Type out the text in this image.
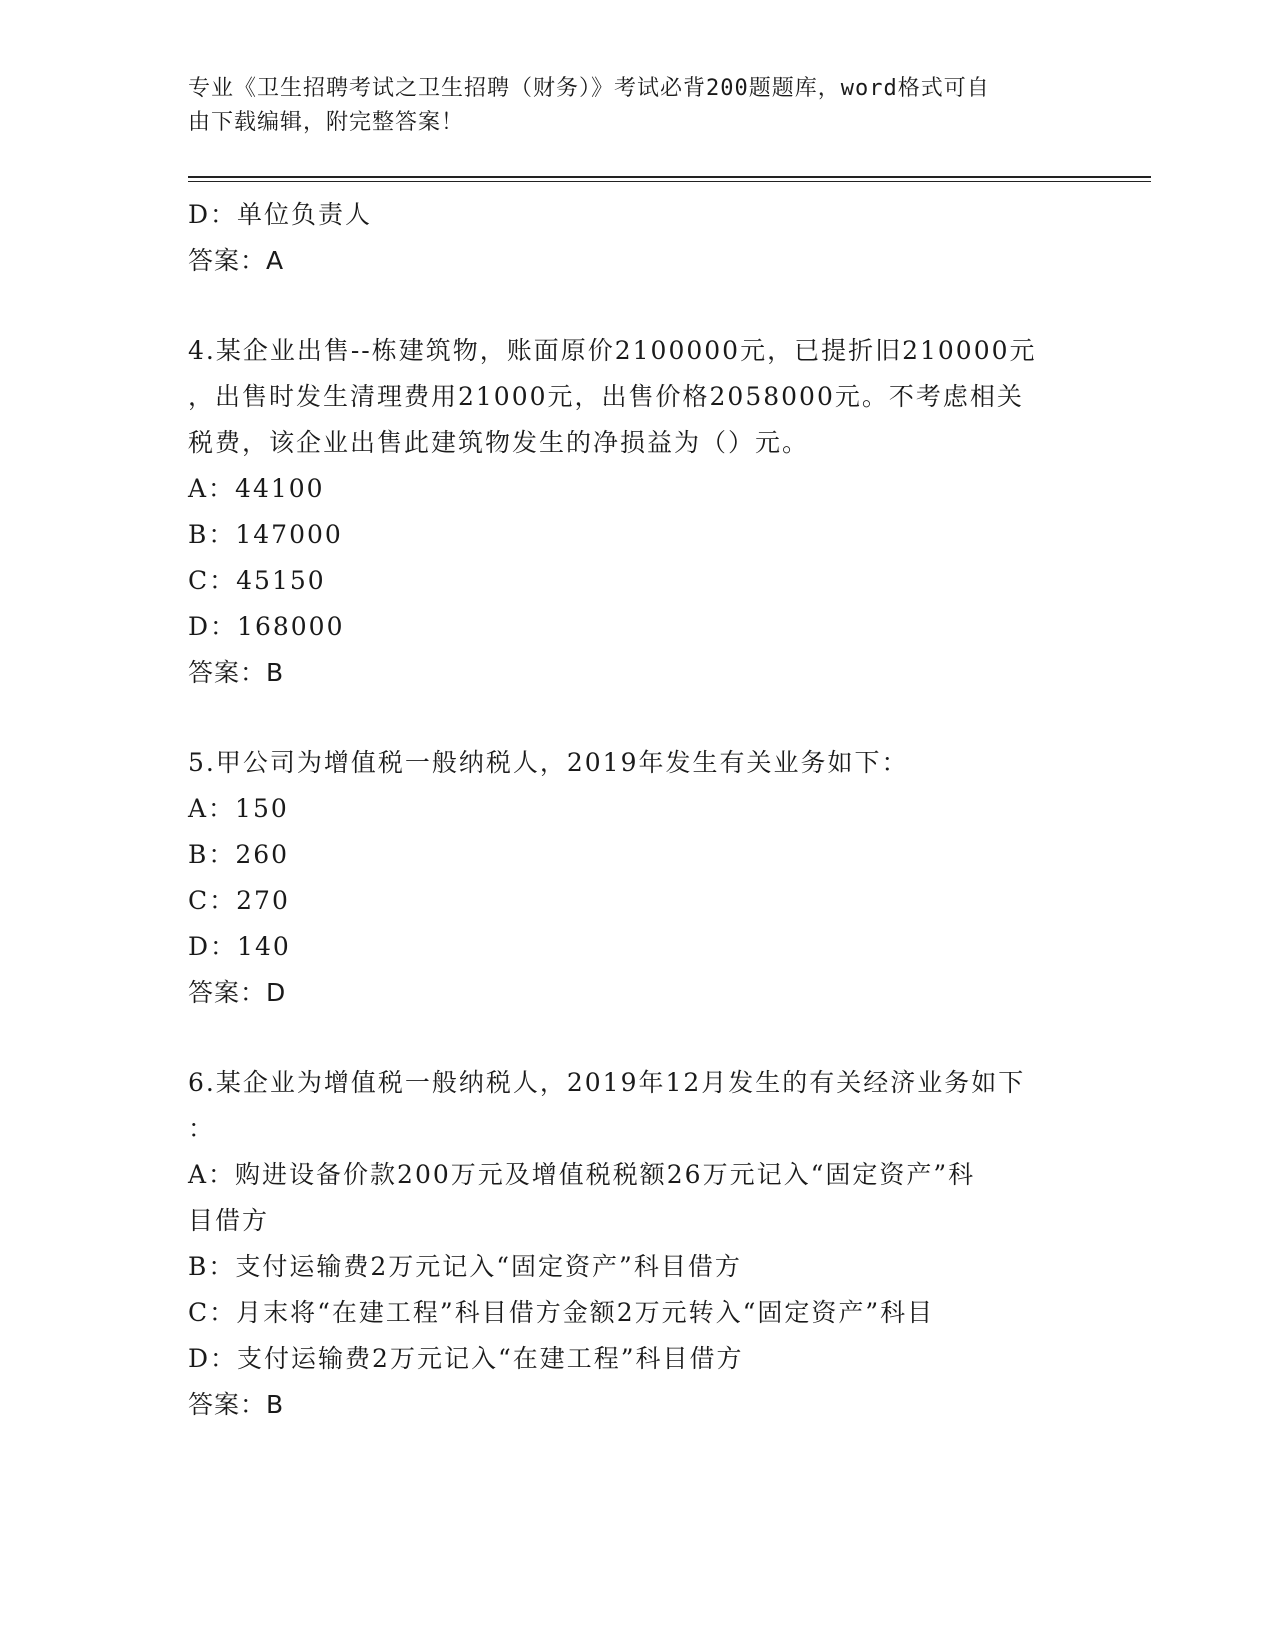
专业《卫生招聘考试之卫生招聘（财务）》考试必背200题题库，word格式可自
由下载编辑，附完整答案！
D：单位负责人
答案：A
4.某企业出售--栋建筑物，账面原价2100000元，已提折旧210000元
，出售时发生清理费用21000元，出售价格2058000元。不考虑相关
税费，该企业出售此建筑物发生的净损益为（）元。
A：44100
B：147000
C：45150
D：168000
答案：B
5.甲公司为增值税一般纳税人，2019年发生有关业务如下：
A：150
B：260
C：270
D：140
答案：D
6.某企业为增值税一般纳税人，2019年12月发生的有关经济业务如下
：
A：购进设备价款200万元及增值税税额26万元记入“固定资产”科
目借方
B：支付运输费2万元记入“固定资产”科目借方
C：月末将“在建工程”科目借方金额2万元转入“固定资产”科目
D：支付运输费2万元记入“在建工程”科目借方
答案：B
